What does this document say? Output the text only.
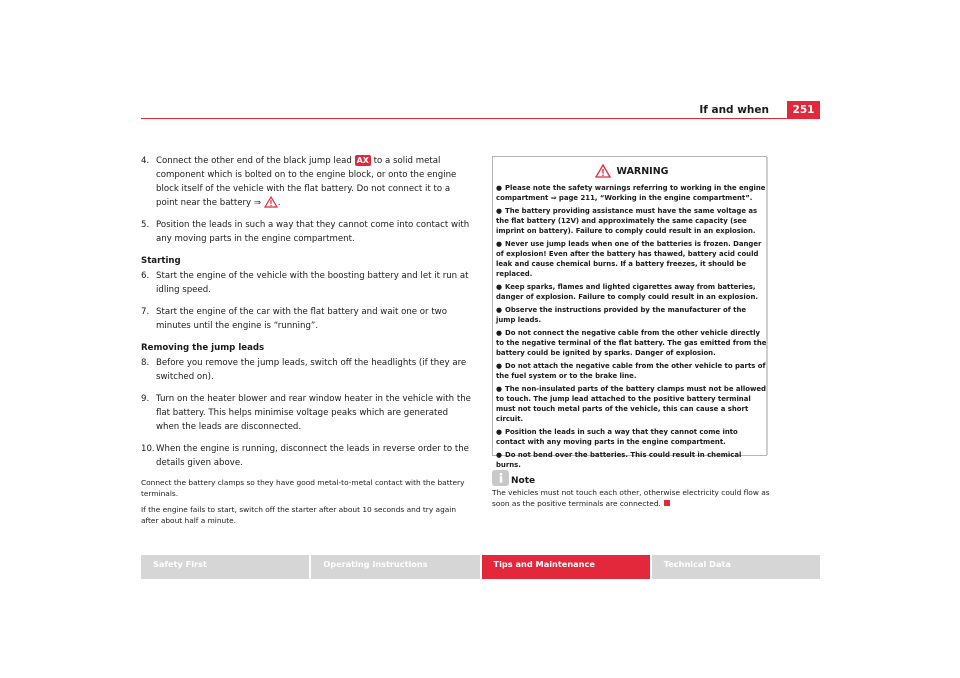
If and when	251
4. Connect the other end of the black jump lead AX to a solid metal component which is bolted on to the engine block, or onto the engine block itself of the vehicle with the flat battery. Do not connect it to a point near the battery ⇒ .
5. Position the leads in such a way that they cannot come into contact with any moving parts in the engine compartment.
Starting
6. Start the engine of the vehicle with the boosting battery and let it run at idling speed.
7. Start the engine of the car with the flat battery and wait one or two minutes until the engine is “running”.
Removing the jump leads
8. Before you remove the jump leads, switch off the headlights (if they are switched on).
9. Turn on the heater blower and rear window heater in the vehicle with the flat battery. This helps minimise voltage peaks which are generated when the leads are disconnected.
10. When the engine is running, disconnect the leads in reverse order to the details given above.

Connect the battery clamps so they have good metal-to-metal contact with the battery terminals.

If the engine fails to start, switch off the starter after about 10 seconds and try again after about half a minute.

WARNING
● Please note the safety warnings referring to working in the engine compartment ⇒ page 211, “Working in the engine compartment”.
● The battery providing assistance must have the same voltage as the flat battery (12V) and approximately the same capacity (see imprint on battery). Failure to comply could result in an explosion.
● Never use jump leads when one of the batteries is frozen. Danger of explosion! Even after the battery has thawed, battery acid could leak and cause chemical burns. If a battery freezes, it should be replaced.
● Keep sparks, flames and lighted cigarettes away from batteries, danger of explosion. Failure to comply could result in an explosion.
● Observe the instructions provided by the manufacturer of the jump leads.
● Do not connect the negative cable from the other vehicle directly to the negative terminal of the flat battery. The gas emitted from the battery could be ignited by sparks. Danger of explosion.
● Do not attach the negative cable from the other vehicle to parts of the fuel system or to the brake line.
● The non-insulated parts of the battery clamps must not be allowed to touch. The jump lead attached to the positive battery terminal must not touch metal parts of the vehicle, this can cause a short circuit.
● Position the leads in such a way that they cannot come into contact with any moving parts in the engine compartment.
● Do not bend over the batteries. This could result in chemical burns.
Note

The vehicles must not touch each other, otherwise electricity could flow as soon as the positive terminals are connected.

Safety First	Operating instructions	Tips and Maintenance	Technical Data
